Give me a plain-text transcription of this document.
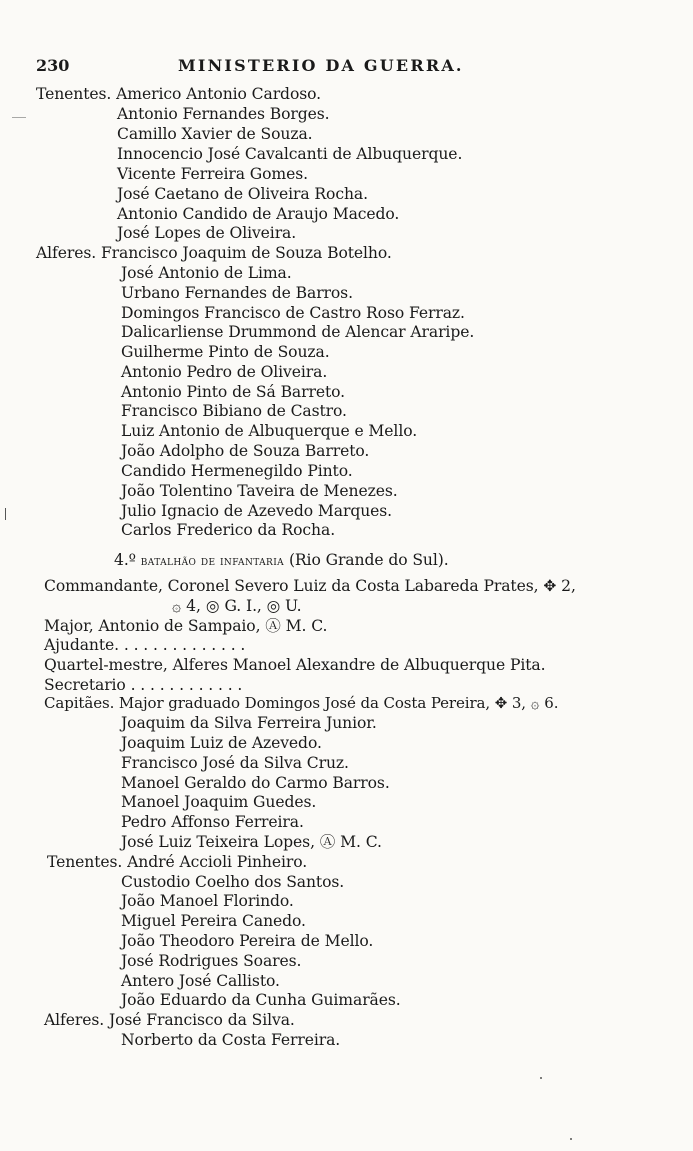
230	MINISTERIO DA GUERRA.
Tenentes. Americo Antonio Cardoso.
Antonio Fernandes Borges.
Camillo Xavier de Souza.
Innocencio José Cavalcanti de Albuquerque.
Vicente Ferreira Gomes.
José Caetano de Oliveira Rocha.
Antonio Candido de Araujo Macedo.
José Lopes de Oliveira.
Alferes. Francisco Joaquim de Souza Botelho.
José Antonio de Lima.
Urbano Fernandes de Barros.
Domingos Francisco de Castro Roso Ferraz.
Dalicarliense Drummond de Alencar Araripe.
Guilherme Pinto de Souza.
Antonio Pedro de Oliveira.
Antonio Pinto de Sá Barreto.
Francisco Bibiano de Castro.
Luiz Antonio de Albuquerque e Mello.
João Adolpho de Souza Barreto.
Candido Hermenegildo Pinto.
João Tolentino Taveira de Menezes.
Julio Ignacio de Azevedo Marques.
Carlos Frederico da Rocha.
4.º batalhão de infantaria (Rio Grande do Sul).
Commandante, Coronel Severo Luiz da Costa Labareda Prates, ✥ 2,
۞ 4, ◎ G. I., ◎ U.
Major, Antonio de Sampaio, Ⓐ M. C.
Ajudante. . . . . . . . . . . . . .
Quartel-mestre, Alferes Manoel Alexandre de Albuquerque Pita.
Secretario . . . . . . . . . . . .
Capitães. Major graduado Domingos José da Costa Pereira, ✥ 3, ۞ 6.
Joaquim da Silva Ferreira Junior.
Joaquim Luiz de Azevedo.
Francisco José da Silva Cruz.
Manoel Geraldo do Carmo Barros.
Manoel Joaquim Guedes.
Pedro Affonso Ferreira.
José Luiz Teixeira Lopes, Ⓐ M. C.
Tenentes. André Accioli Pinheiro.
Custodio Coelho dos Santos.
João Manoel Florindo.
Miguel Pereira Canedo.
João Theodoro Pereira de Mello.
José Rodrigues Soares.
Antero José Callisto.
João Eduardo da Cunha Guimarães.
Alferes. José Francisco da Silva.
Norberto da Costa Ferreira.
